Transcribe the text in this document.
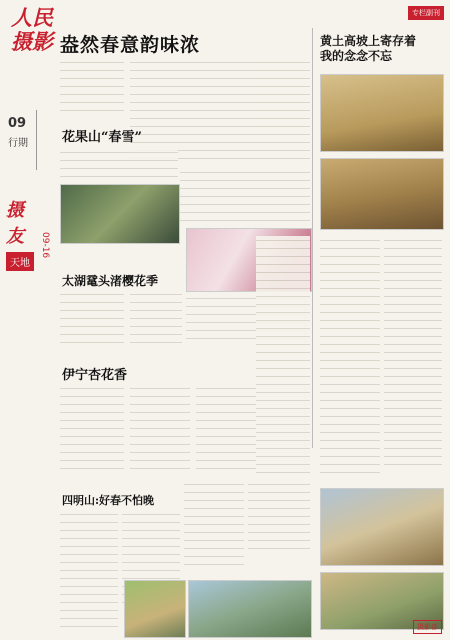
人民
摄影
09
行期
摄
友
天地
09-16
专栏副刊
盎然春意韵味浓
花果山“春雪”
太湖鼋头渚樱花季
伊宁杏花香
四明山:好春不怕晚
黄土高坡上寄存着
我的念念不忘
摄影部
